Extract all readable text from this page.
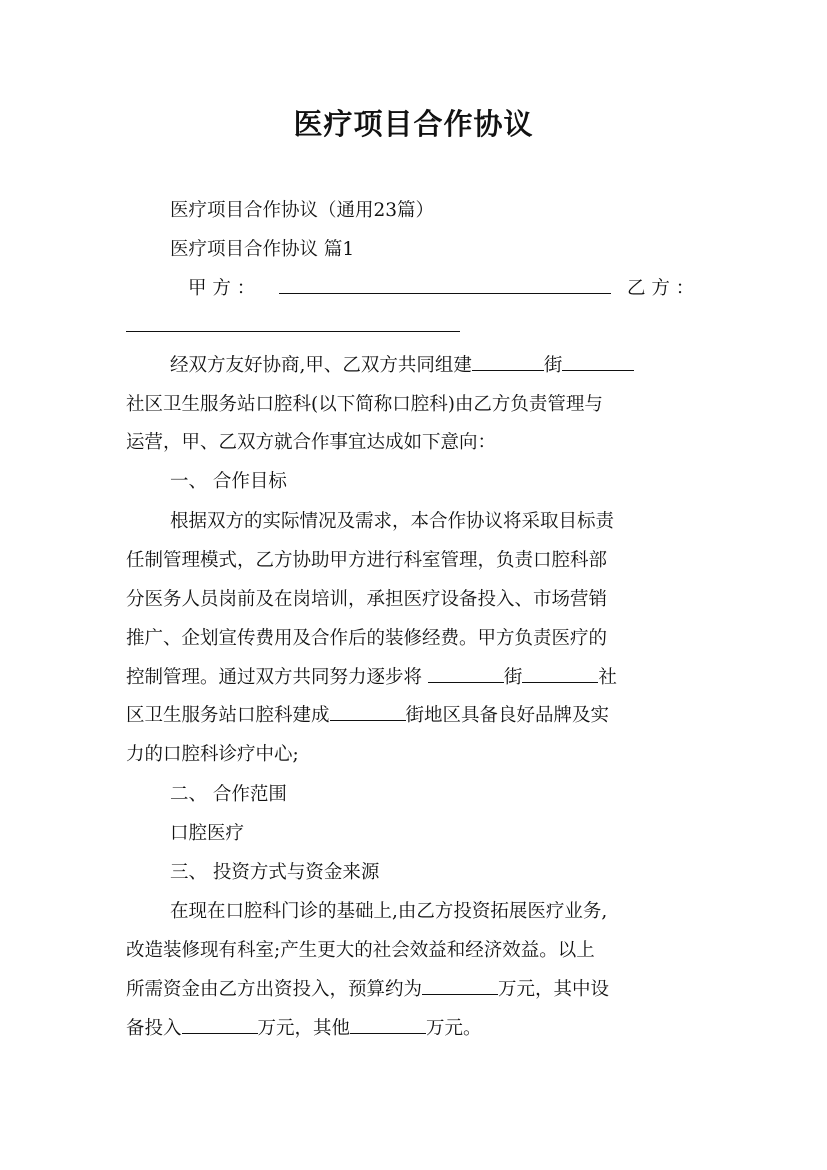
医疗项目合作协议
医疗项目合作协议（通用23篇）
医疗项目合作协议 篇1
甲 方 ：	乙 方 ：
经双方友好协商,甲、乙双方共同组建	街
社区卫生服务站口腔科(以下简称口腔科)由乙方负责管理与
运营，甲、乙双方就合作事宜达成如下意向：
一、 合作目标
根据双方的实际情况及需求，本合作协议将采取目标责
任制管理模式，乙方协助甲方进行科室管理，负责口腔科部
分医务人员岗前及在岗培训，承担医疗设备投入、市场营销
推广、企划宣传费用及合作后的装修经费。甲方负责医疗的
控制管理。通过双方共同努力逐步将	街	社
区卫生服务站口腔科建成	街地区具备良好品牌及实
力的口腔科诊疗中心;
二、 合作范围
口腔医疗
三、 投资方式与资金来源
在现在口腔科门诊的基础上,由乙方投资拓展医疗业务,
改造装修现有科室;产生更大的社会效益和经济效益。以上
所需资金由乙方出资投入，预算约为	万元，其中设
备投入	万元，其他	万元。
